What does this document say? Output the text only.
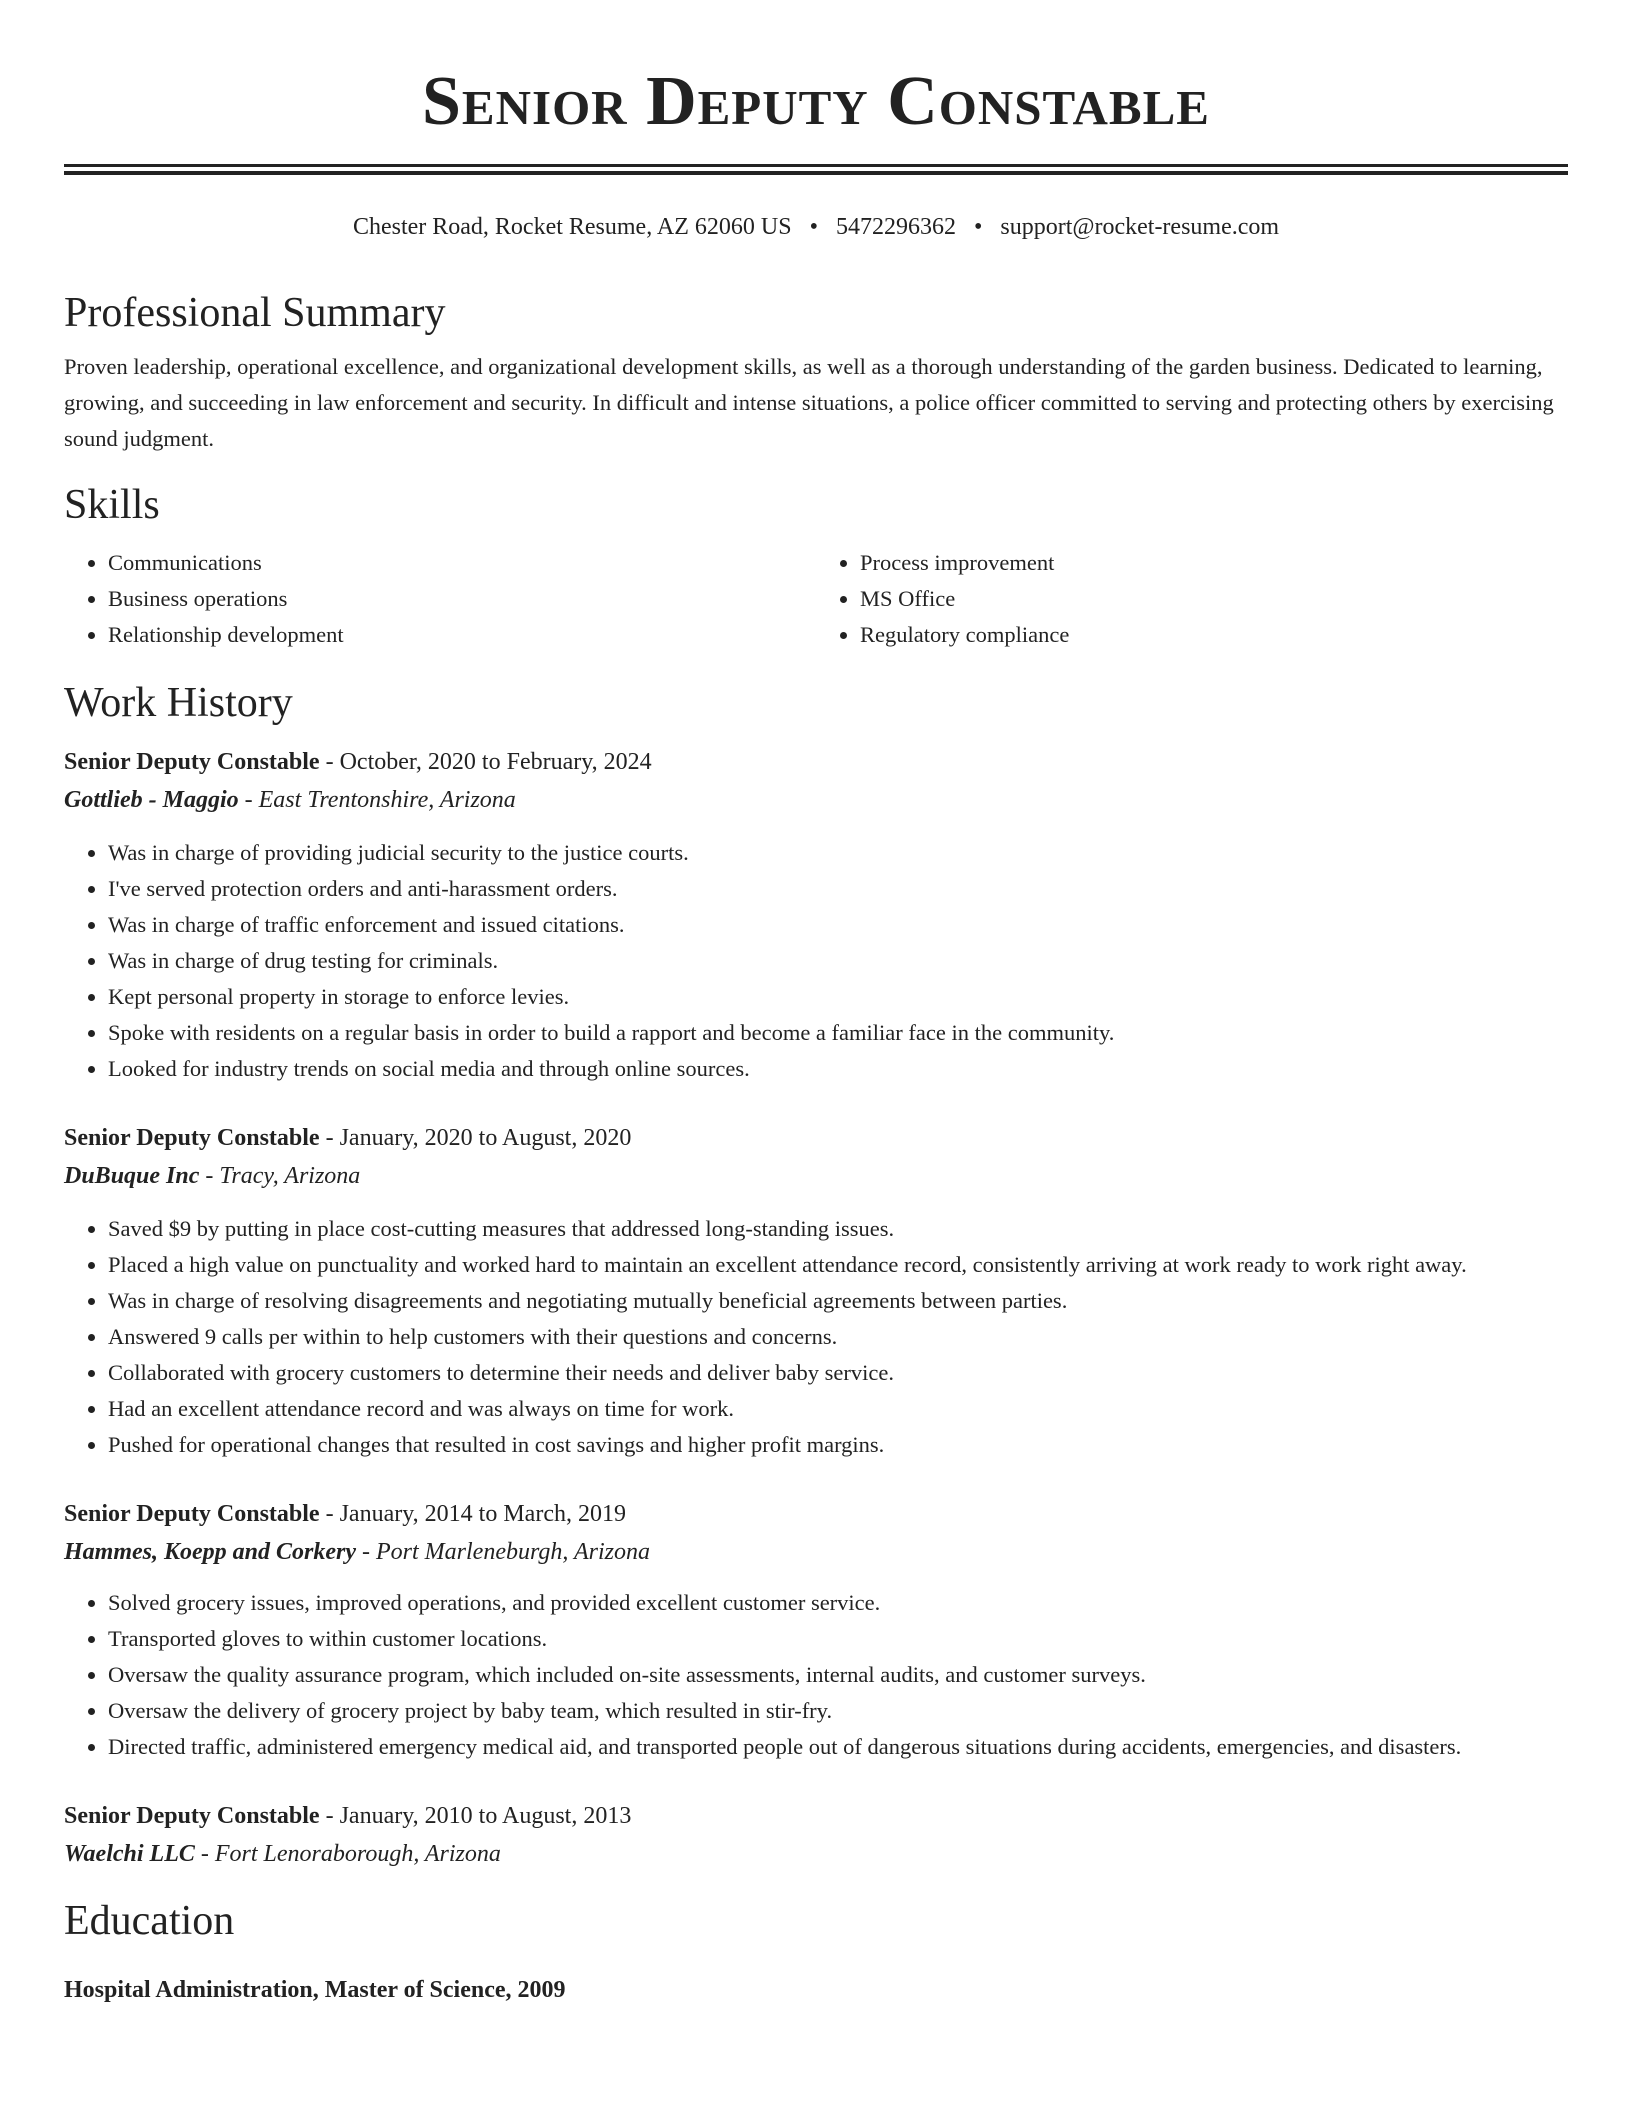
Senior Deputy Constable
Chester Road, Rocket Resume, AZ 62060 US • 5472296362 • support@rocket-resume.com
Professional Summary

Proven leadership, operational excellence, and organizational development skills, as well as a thorough understanding of the garden business. Dedicated to learning, growing, and succeeding in law enforcement and security. In difficult and intense situations, a police officer committed to serving and protecting others by exercising sound judgment.

Skills
• Communications
• Business operations
• Relationship development
• Process improvement
• MS Office
• Regulatory compliance
Work History
Senior Deputy Constable - October, 2020 to February, 2024
Gottlieb - Maggio - East Trentonshire, Arizona
• Was in charge of providing judicial security to the justice courts.
• I've served protection orders and anti-harassment orders.
• Was in charge of traffic enforcement and issued citations.
• Was in charge of drug testing for criminals.
• Kept personal property in storage to enforce levies.
• Spoke with residents on a regular basis in order to build a rapport and become a familiar face in the community.
• Looked for industry trends on social media and through online sources.
Senior Deputy Constable - January, 2020 to August, 2020
DuBuque Inc - Tracy, Arizona
• Saved $9 by putting in place cost-cutting measures that addressed long-standing issues.
• Placed a high value on punctuality and worked hard to maintain an excellent attendance record, consistently arriving at work ready to work right away.
• Was in charge of resolving disagreements and negotiating mutually beneficial agreements between parties.
• Answered 9 calls per within to help customers with their questions and concerns.
• Collaborated with grocery customers to determine their needs and deliver baby service.
• Had an excellent attendance record and was always on time for work.
• Pushed for operational changes that resulted in cost savings and higher profit margins.
Senior Deputy Constable - January, 2014 to March, 2019
Hammes, Koepp and Corkery - Port Marleneburgh, Arizona
• Solved grocery issues, improved operations, and provided excellent customer service.
• Transported gloves to within customer locations.
• Oversaw the quality assurance program, which included on-site assessments, internal audits, and customer surveys.
• Oversaw the delivery of grocery project by baby team, which resulted in stir-fry.
• Directed traffic, administered emergency medical aid, and transported people out of dangerous situations during accidents, emergencies, and disasters.
Senior Deputy Constable - January, 2010 to August, 2013
Waelchi LLC - Fort Lenoraborough, Arizona
Education
Hospital Administration, Master of Science, 2009
